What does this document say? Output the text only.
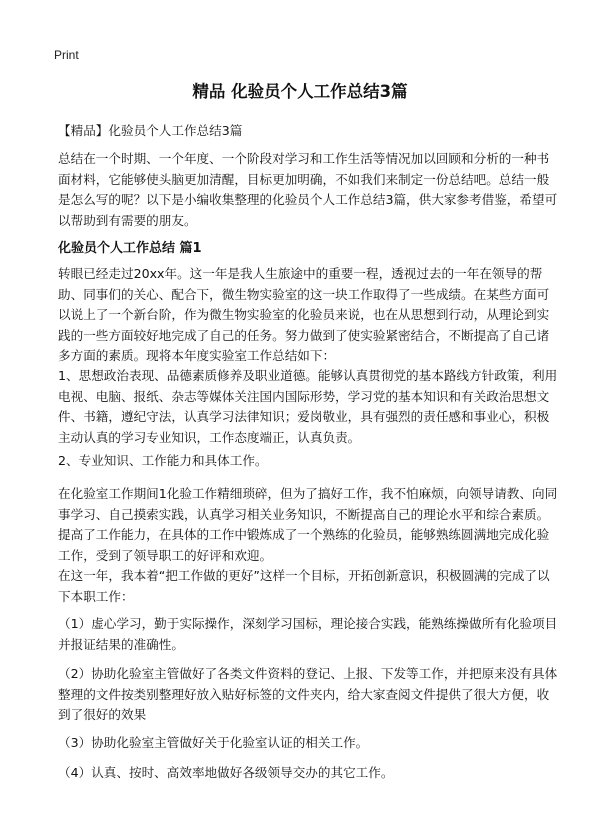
Print
精品 化验员个人工作总结3篇
【精品】化验员个人工作总结3篇
总结在一个时期、一个年度、一个阶段对学习和工作生活等情况加以回顾和分析的一种书面材料，它能够使头脑更加清醒，目标更加明确，不如我们来制定一份总结吧。总结一般是怎么写的呢？以下是小编收集整理的化验员个人工作总结3篇，供大家参考借鉴，希望可以帮助到有需要的朋友。
化验员个人工作总结 篇1
转眼已经走过20xx年。这一年是我人生旅途中的重要一程，透视过去的一年在领导的帮助、同事们的关心、配合下，微生物实验室的这一块工作取得了一些成绩。在某些方面可以说上了一个新台阶，作为微生物实验室的化验员来说，也在从思想到行动，从理论到实践的一些方面较好地完成了自己的任务。努力做到了使实验紧密结合，不断提高了自己诸多方面的素质。现将本年度实验室工作总结如下：
1、思想政治表现、品德素质修养及职业道德。能够认真贯彻党的基本路线方针政策，利用电视、电脑、报纸、杂志等媒体关注国内国际形势，学习党的基本知识和有关政治思想文件、书籍，遵纪守法，认真学习法律知识；爱岗敬业，具有强烈的责任感和事业心，积极主动认真的学习专业知识，工作态度端正，认真负责。
2、专业知识、工作能力和具体工作。
在化验室工作期间1化验工作精细琐碎，但为了搞好工作，我不怕麻烦，向领导请教、向同事学习、自己摸索实践，认真学习相关业务知识，不断提高自己的理论水平和综合素质。提高了工作能力，在具体的工作中锻炼成了一个熟练的化验员，能够熟练圆满地完成化验工作，受到了领导职工的好评和欢迎。
在这一年，我本着“把工作做的更好”这样一个目标，开拓创新意识，积极圆满的完成了以下本职工作：
（1）虚心学习，勤于实际操作，深刻学习国标，理论接合实践，能熟练操做所有化验项目并报证结果的准确性。
（2）协助化验室主管做好了各类文件资料的登记、上报、下发等工作，并把原来没有具体整理的文件按类别整理好放入贴好标签的文件夹内，给大家查阅文件提供了很大方便，收到了很好的效果
（3）协助化验室主管做好关于化验室认证的相关工作。
（4）认真、按时、高效率地做好各级领导交办的其它工作。
